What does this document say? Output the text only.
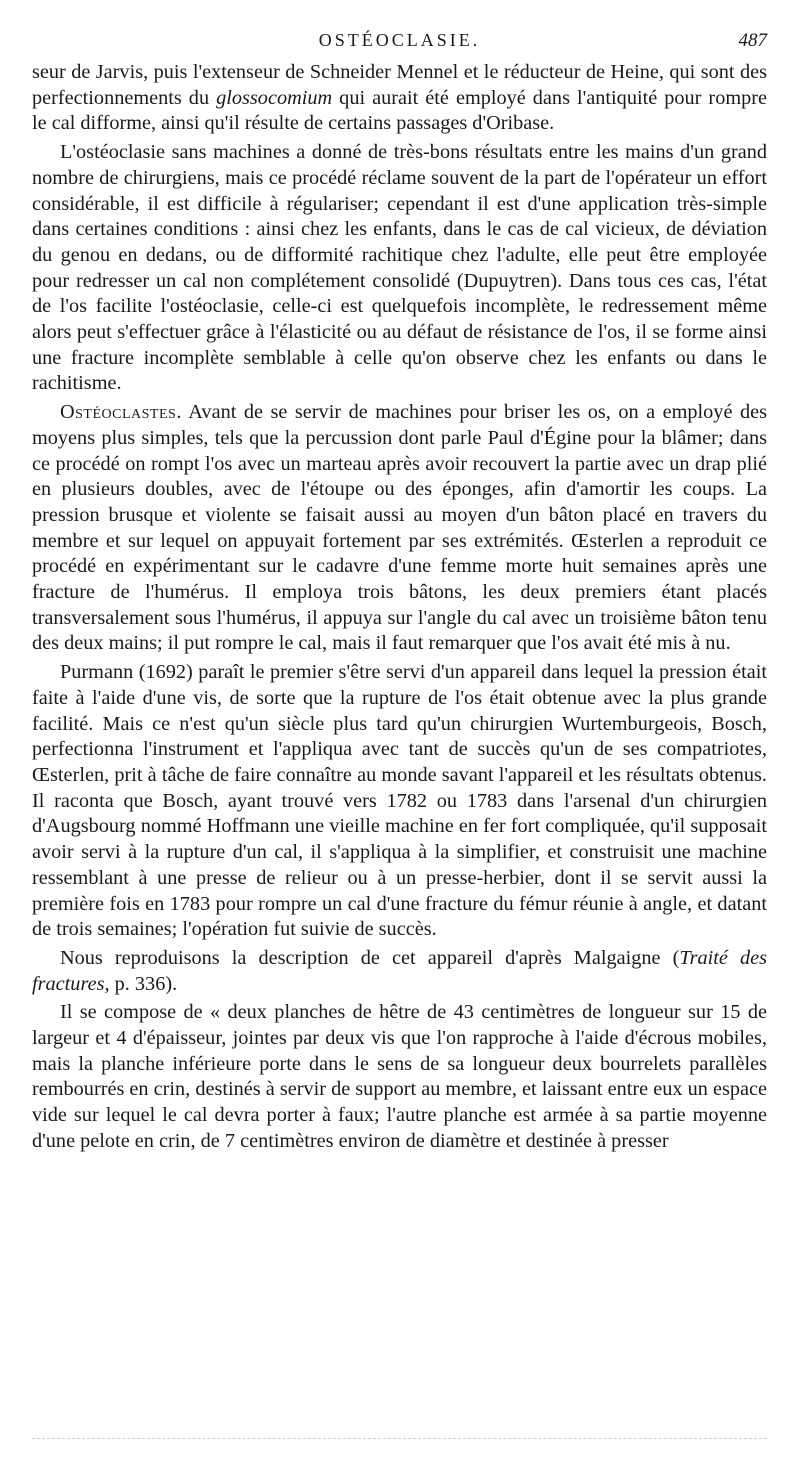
OSTÉOCLASIE.	487

seur de Jarvis, puis l'extenseur de Schneider Mennel et le réducteur de Heine, qui sont des perfectionnements du glossocomium qui aurait été employé dans l'antiquité pour rompre le cal difforme, ainsi qu'il résulte de certains passages d'Oribase.

L'ostéoclasie sans machines a donné de très-bons résultats entre les mains d'un grand nombre de chirurgiens, mais ce procédé réclame souvent de la part de l'opérateur un effort considérable, il est difficile à régulariser; cependant il est d'une application très-simple dans certaines conditions : ainsi chez les enfants, dans le cas de cal vicieux, de déviation du genou en dedans, ou de difformité rachitique chez l'adulte, elle peut être employée pour redresser un cal non complétement consolidé (Dupuytren). Dans tous ces cas, l'état de l'os facilite l'ostéoclasie, celle-ci est quelquefois incomplète, le redressement même alors peut s'effectuer grâce à l'élasticité ou au défaut de résistance de l'os, il se forme ainsi une fracture incomplète semblable à celle qu'on observe chez les enfants ou dans le rachitisme.

Ostéoclastes. Avant de se servir de machines pour briser les os, on a employé des moyens plus simples, tels que la percussion dont parle Paul d'Égine pour la blâmer; dans ce procédé on rompt l'os avec un marteau après avoir recouvert la partie avec un drap plié en plusieurs doubles, avec de l'étoupe ou des éponges, afin d'amortir les coups. La pression brusque et violente se faisait aussi au moyen d'un bâton placé en travers du membre et sur lequel on appuyait fortement par ses extrémités. Œsterlen a reproduit ce procédé en expérimentant sur le cadavre d'une femme morte huit semaines après une fracture de l'humérus. Il employa trois bâtons, les deux premiers étant placés transversalement sous l'humérus, il appuya sur l'angle du cal avec un troisième bâton tenu des deux mains; il put rompre le cal, mais il faut remarquer que l'os avait été mis à nu.

Purmann (1692) paraît le premier s'être servi d'un appareil dans lequel la pression était faite à l'aide d'une vis, de sorte que la rupture de l'os était obtenue avec la plus grande facilité. Mais ce n'est qu'un siècle plus tard qu'un chirurgien Wurtemburgeois, Bosch, perfectionna l'instrument et l'appliqua avec tant de succès qu'un de ses compatriotes, Œsterlen, prit à tâche de faire connaître au monde savant l'appareil et les résultats obtenus. Il raconta que Bosch, ayant trouvé vers 1782 ou 1783 dans l'arsenal d'un chirurgien d'Augsbourg nommé Hoffmann une vieille machine en fer fort compliquée, qu'il supposait avoir servi à la rupture d'un cal, il s'appliqua à la simplifier, et construisit une machine ressemblant à une presse de relieur ou à un presse-herbier, dont il se servit aussi la première fois en 1783 pour rompre un cal d'une fracture du fémur réunie à angle, et datant de trois semaines; l'opération fut suivie de succès.

Nous reproduisons la description de cet appareil d'après Malgaigne (Traité des fractures, p. 336).

Il se compose de « deux planches de hêtre de 43 centimètres de longueur sur 15 de largeur et 4 d'épaisseur, jointes par deux vis que l'on rapproche à l'aide d'écrous mobiles, mais la planche inférieure porte dans le sens de sa longueur deux bourrelets parallèles rembourrés en crin, destinés à servir de support au membre, et laissant entre eux un espace vide sur lequel le cal devra porter à faux; l'autre planche est armée à sa partie moyenne d'une pelote en crin, de 7 centimètres environ de diamètre et destinée à presser
